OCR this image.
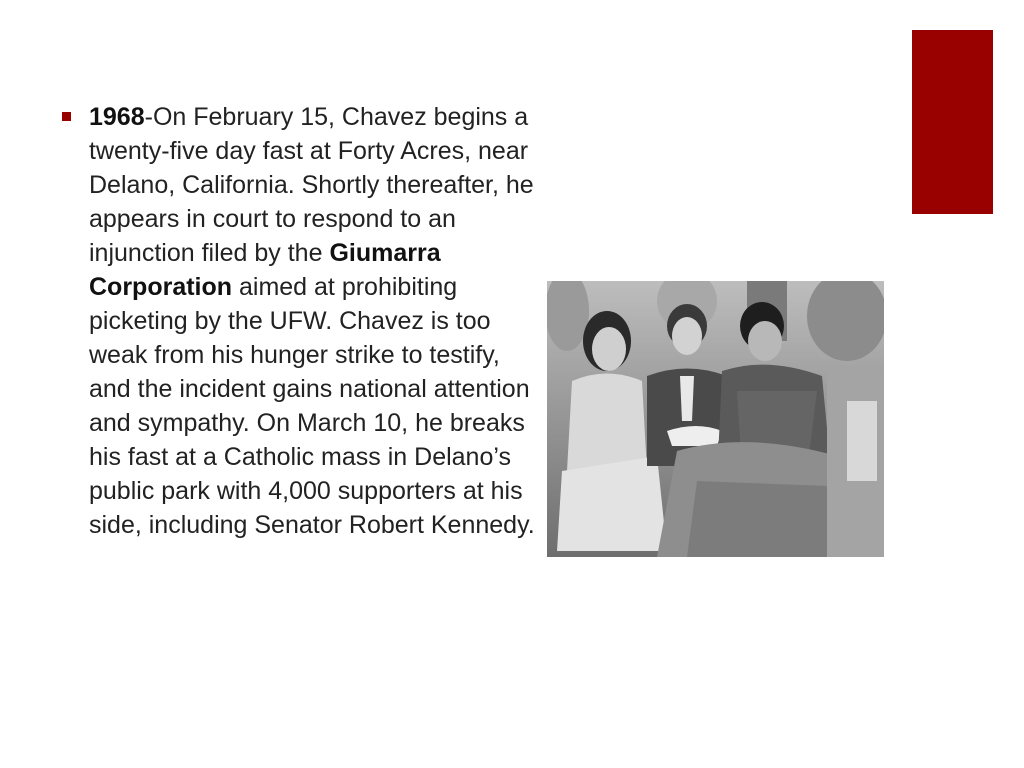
1968-On February 15, Chavez begins a twenty-five day fast at Forty Acres, near Delano, California. Shortly thereafter, he appears in court to respond to an injunction filed by the Giumarra Corporation aimed at prohibiting picketing by the UFW. Chavez is too weak from his hunger strike to testify, and the incident gains national attention and sympathy. On March 10, he breaks his fast at a Catholic mass in Delano’s public park with 4,000 supporters at his side, including Senator Robert Kennedy.
